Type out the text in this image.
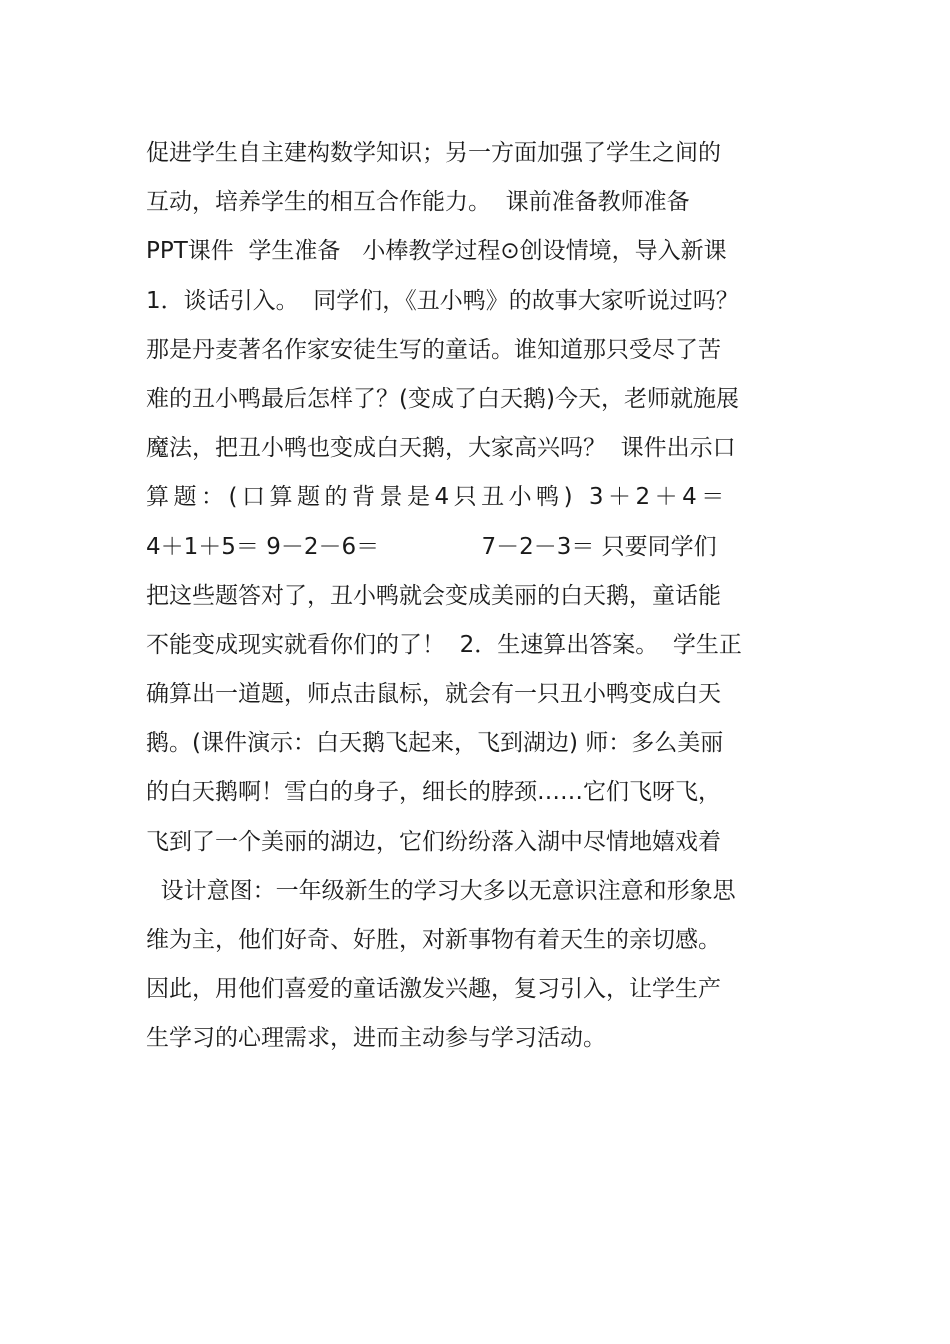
促进学生自主建构数学知识；另一方面加强了学生之间的
互动，培养学生的相互合作能力。  课前准备教师准备
PPT课件  学生准备   小棒教学过程⊙创设情境，导入新课
1．谈话引入。  同学们，《丑小鸭》的故事大家听说过吗？
那是丹麦著名作家安徒生写的童话。谁知道那只受尽了苦
难的丑小鸭最后怎样了？(变成了白天鹅)今天，老师就施展
魔法，把丑小鸭也变成白天鹅，大家高兴吗？  课件出示口
算题：(口算题的背景是4只丑小鸭) 3＋2＋4＝
4＋1＋5＝ 9－2－6＝              7－2－3＝ 只要同学们
把这些题答对了，丑小鸭就会变成美丽的白天鹅，童话能
不能变成现实就看你们的了！  2．生速算出答案。  学生正
确算出一道题，师点击鼠标，就会有一只丑小鸭变成白天
鹅。(课件演示：白天鹅飞起来，飞到湖边) 师：多么美丽
的白天鹅啊！雪白的身子，细长的脖颈……它们飞呀飞，
飞到了一个美丽的湖边，它们纷纷落入湖中尽情地嬉戏着
设计意图：一年级新生的学习大多以无意识注意和形象思
维为主，他们好奇、好胜，对新事物有着天生的亲切感。
因此，用他们喜爱的童话激发兴趣，复习引入，让学生产
生学习的心理需求，进而主动参与学习活动。
